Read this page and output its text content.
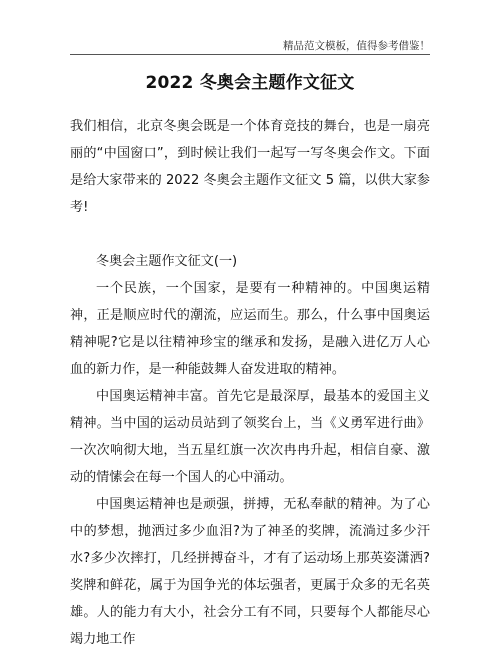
精品范文模板，值得参考借鉴！
2022 冬奥会主题作文征文

我们相信，北京冬奥会既是一个体育竞技的舞台，也是一扇亮丽的“中国窗口”，到时候让我们一起写一写冬奥会作文。下面是给大家带来的 2022 冬奥会主题作文征文 5 篇，以供大家参考!

冬奥会主题作文征文(一)

一个民族，一个国家，是要有一种精神的。中国奥运精神，正是顺应时代的潮流，应运而生。那么，什么事中国奥运精神呢?它是以往精神珍宝的继承和发扬，是融入进亿万人心血的新力作，是一种能鼓舞人奋发进取的精神。

中国奥运精神丰富。首先它是最深厚，最基本的爱国主义精神。当中国的运动员站到了领奖台上，当《义勇军进行曲》一次次响彻大地，当五星红旗一次次冉冉升起，相信自豪、激动的情愫会在每一个国人的心中涌动。

中国奥运精神也是顽强，拼搏，无私奉献的精神。为了心中的梦想，抛洒过多少血泪?为了神圣的奖牌，流淌过多少汗水?多少次摔打，几经拼搏奋斗，才有了运动场上那英姿潇洒?奖牌和鲜花，属于为国争光的体坛强者，更属于众多的无名英雄。人的能力有大小，社会分工有不同，只要每个人都能尽心竭力地工作
